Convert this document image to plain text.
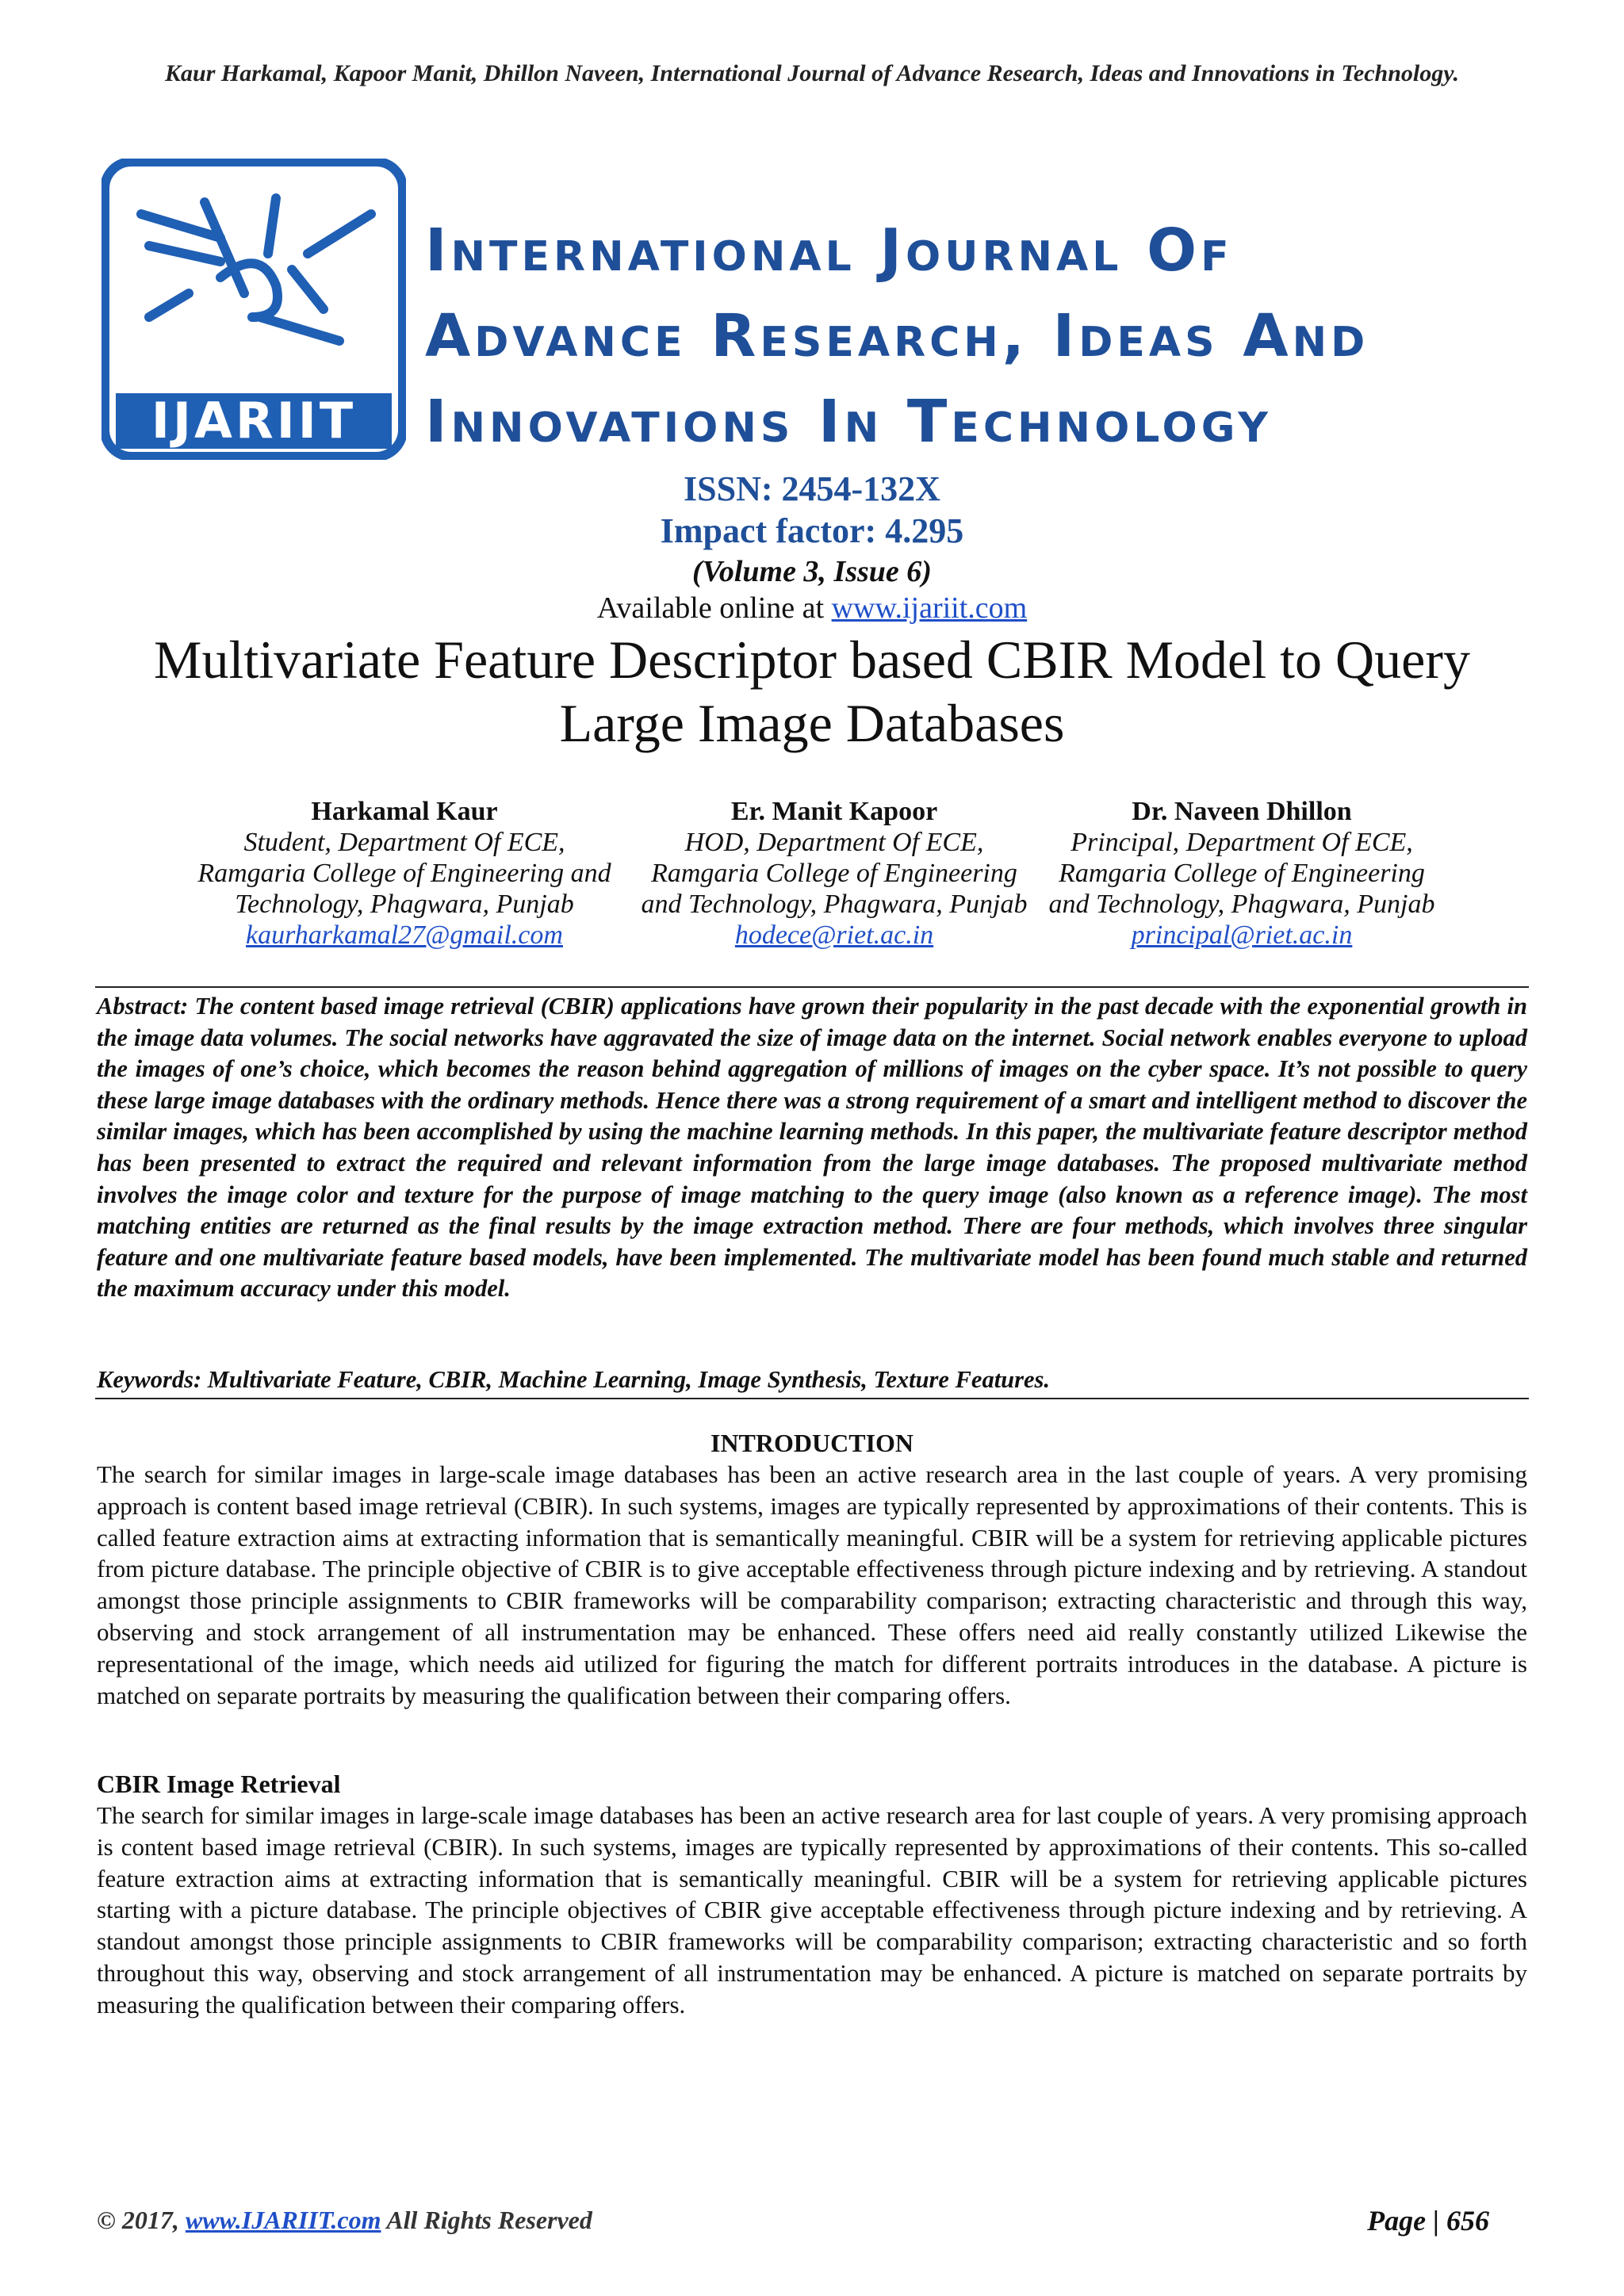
Kaur Harkamal, Kapoor Manit, Dhillon Naveen, International Journal of Advance Research, Ideas and Innovations in Technology.
IJARIIT
International Journal Of
Advance Research, Ideas And
Innovations In Technology
ISSN: 2454-132X
Impact factor: 4.295
(Volume 3, Issue 6)
Available online at www.ijariit.com
Multivariate Feature Descriptor based CBIR Model to Query
Large Image Databases
Harkamal Kaur
Student, Department Of ECE,
Ramgaria College of Engineering and
Technology, Phagwara, Punjab
kaurharkamal27@gmail.com
Er. Manit Kapoor
HOD, Department Of ECE,
Ramgaria College of Engineering
and Technology, Phagwara, Punjab
hodece@riet.ac.in
Dr. Naveen Dhillon
Principal, Department Of ECE,
Ramgaria College of Engineering
and Technology, Phagwara, Punjab
principal@riet.ac.in
Abstract: The content based image retrieval (CBIR) applications have grown their popularity in the past decade with the exponential growth in the image data volumes. The social networks have aggravated the size of image data on the internet. Social network enables everyone to upload the images of one’s choice, which becomes the reason behind aggregation of millions of images on the cyber space. It’s not possible to query these large image databases with the ordinary methods. Hence there was a strong requirement of a smart and intelligent method to discover the similar images, which has been accomplished by using the machine learning methods. In this paper, the multivariate feature descriptor method has been presented to extract the required and relevant information from the large image databases. The proposed multivariate method involves the image color and texture for the purpose of image matching to the query image (also known as a reference image). The most matching entities are returned as the final results by the image extraction method. There are four methods, which involves three singular feature and one multivariate feature based models, have been implemented. The multivariate model has been found much stable and returned the maximum accuracy under this model.
Keywords: Multivariate Feature, CBIR, Machine Learning, Image Synthesis, Texture Features.
INTRODUCTION
The search for similar images in large-scale image databases has been an active research area in the last couple of years. A very promising approach is content based image retrieval (CBIR). In such systems, images are typically represented by approximations of their contents. This is called feature extraction aims at extracting information that is semantically meaningful. CBIR will be a system for retrieving applicable pictures from picture database. The principle objective of CBIR is to give acceptable effectiveness through picture indexing and by retrieving. A standout amongst those principle assignments to CBIR frameworks will be comparability comparison; extracting characteristic and through this way, observing and stock arrangement of all instrumentation may be enhanced. These offers need aid really constantly utilized Likewise the representational of the image, which needs aid utilized for figuring the match for different portraits introduces in the database. A picture is matched on separate portraits by measuring the qualification between their comparing offers.
CBIR Image Retrieval
The search for similar images in large-scale image databases has been an active research area for last couple of years. A very promising approach is content based image retrieval (CBIR). In such systems, images are typically represented by approximations of their contents. This so-called feature extraction aims at extracting information that is semantically meaningful. CBIR will be a system for retrieving applicable pictures starting with a picture database. The principle objectives of CBIR give acceptable effectiveness through picture indexing and by retrieving. A standout amongst those principle assignments to CBIR frameworks will be comparability comparison; extracting characteristic and so forth throughout this way, observing and stock arrangement of all instrumentation may be enhanced. A picture is matched on separate portraits by measuring the qualification between their comparing offers.
© 2017, www.IJARIIT.com All Rights Reserved	Page | 656
